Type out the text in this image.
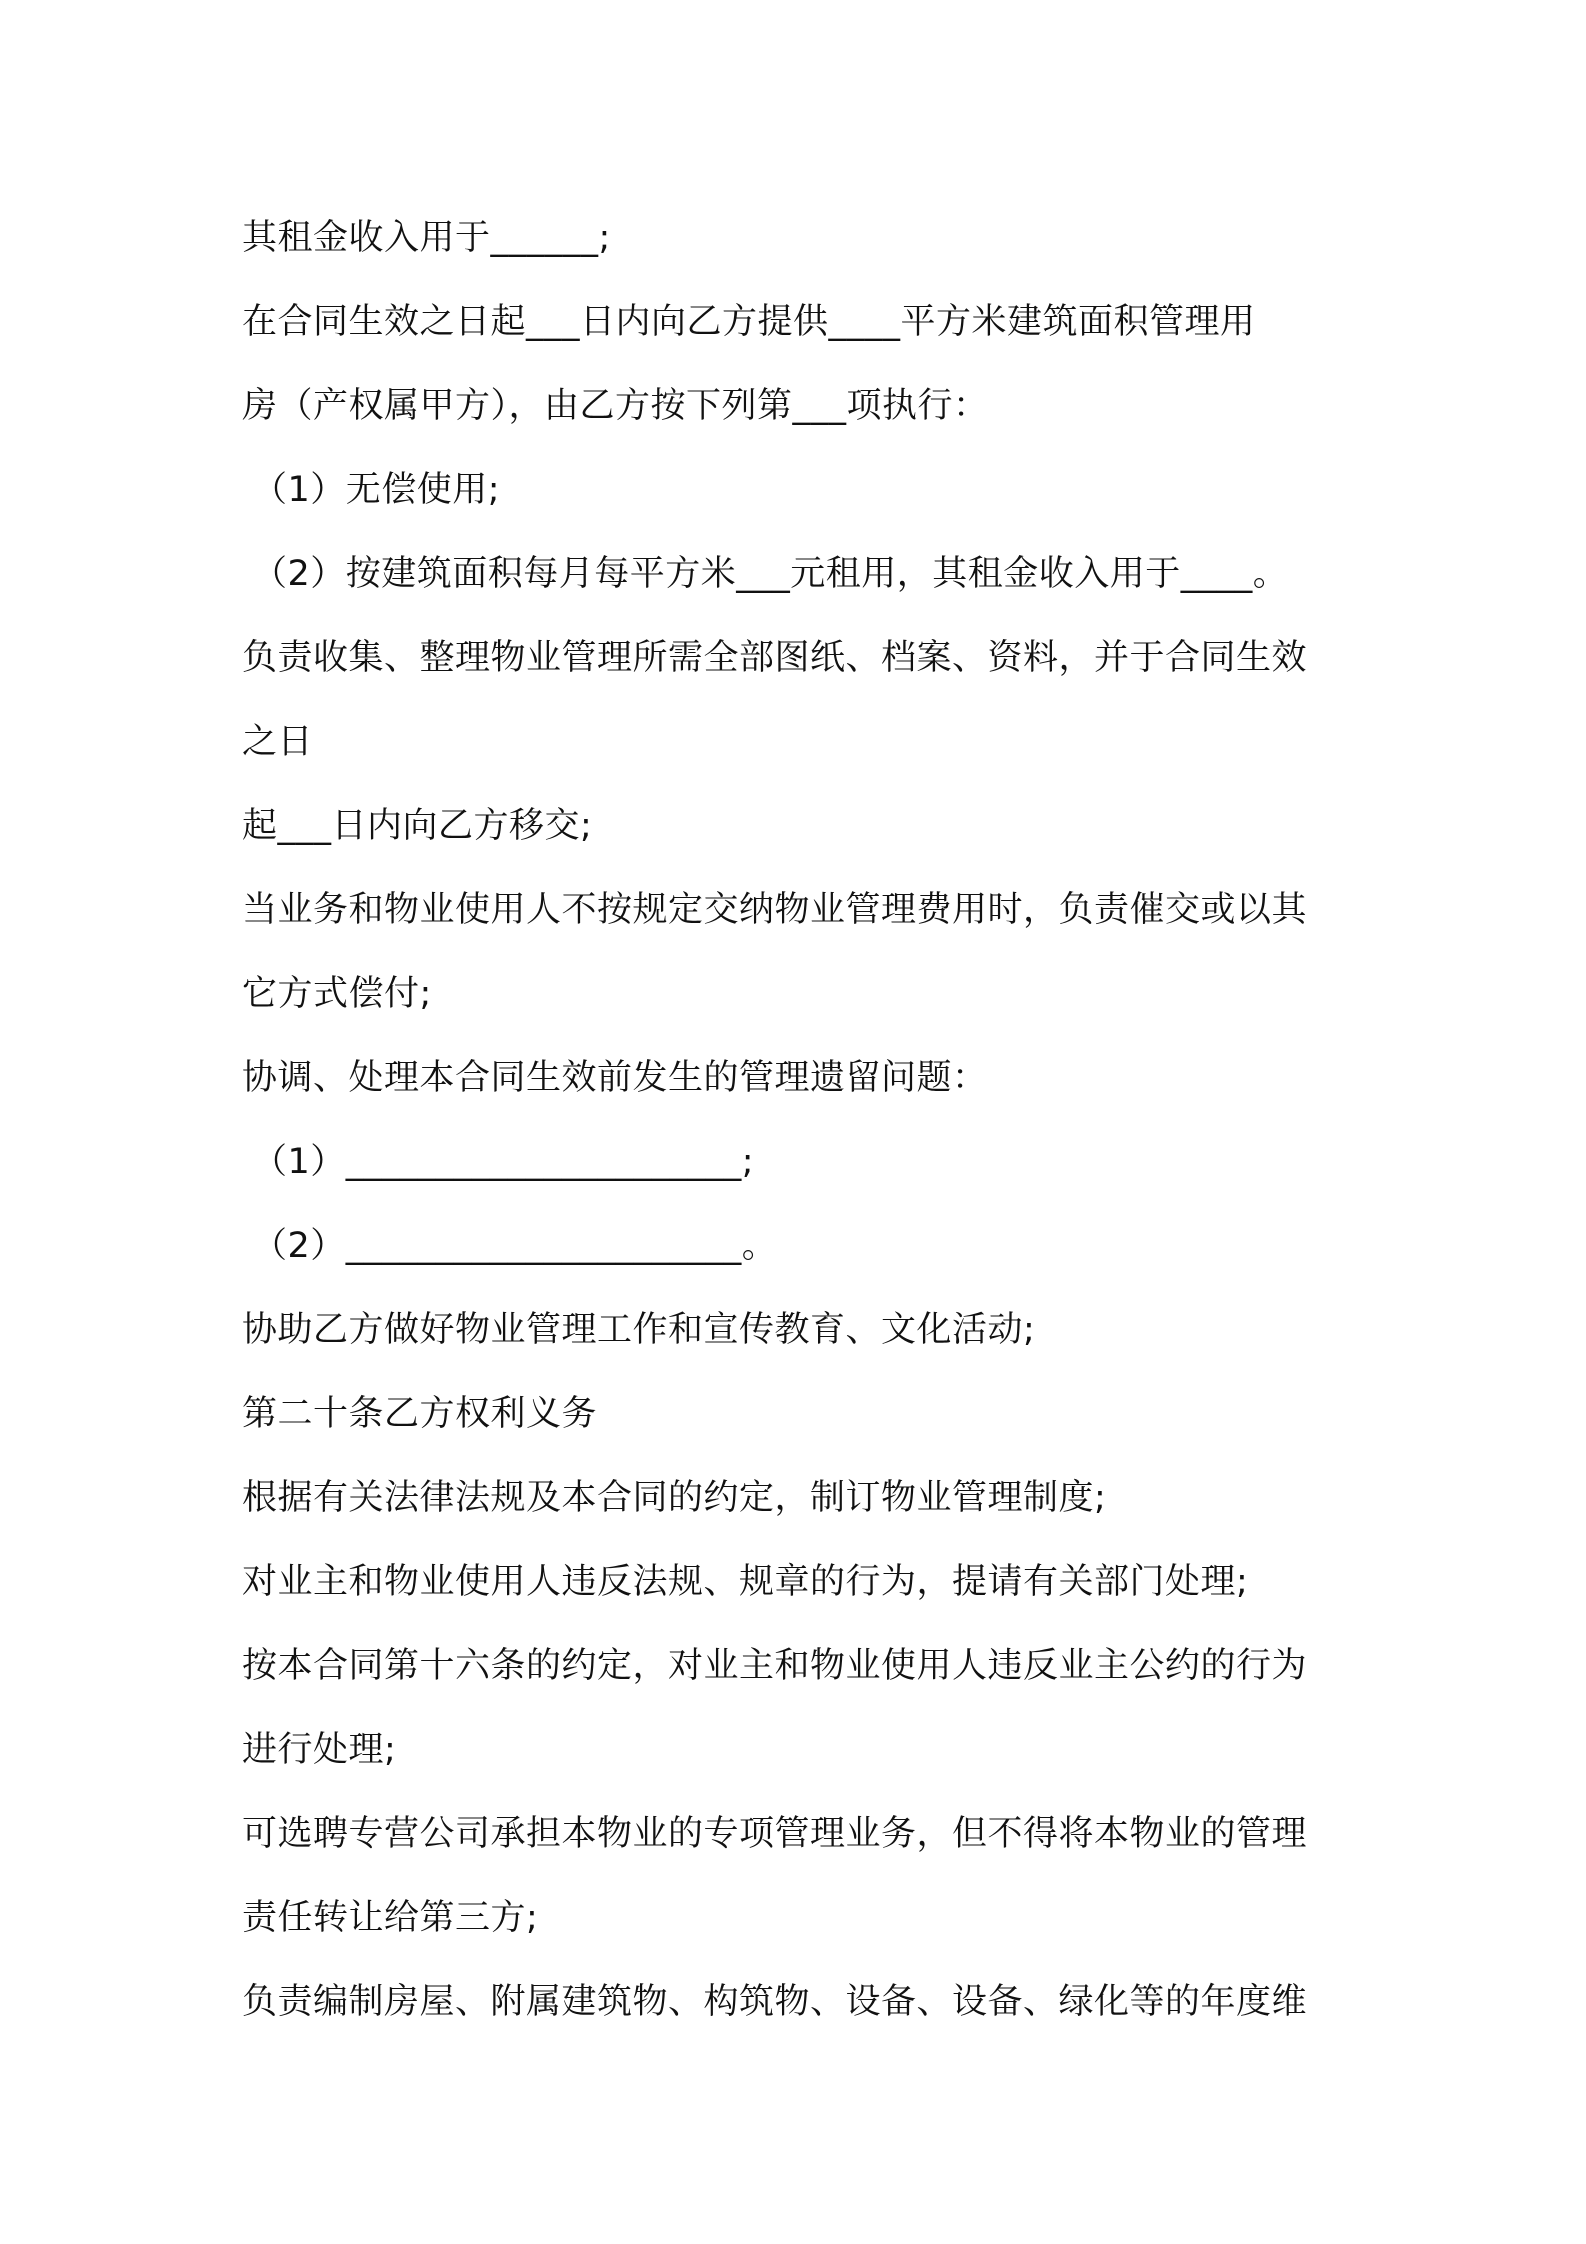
其租金收入用于______;
在合同生效之日起___日内向乙方提供____平方米建筑面积管理用
房（产权属甲方），由乙方按下列第___项执行：
（1）无偿使用;
（2）按建筑面积每月每平方米___元租用，其租金收入用于____。
负责收集、整理物业管理所需全部图纸、档案、资料，并于合同生效
之日
起___日内向乙方移交;
当业务和物业使用人不按规定交纳物业管理费用时，负责催交或以其
它方式偿付;
协调、处理本合同生效前发生的管理遗留问题：
（1）______________________;
（2）______________________。
协助乙方做好物业管理工作和宣传教育、文化活动;
第二十条乙方权利义务
根据有关法律法规及本合同的约定，制订物业管理制度;
对业主和物业使用人违反法规、规章的行为，提请有关部门处理;
按本合同第十六条的约定，对业主和物业使用人违反业主公约的行为
进行处理;
可选聘专营公司承担本物业的专项管理业务，但不得将本物业的管理
责任转让给第三方;
负责编制房屋、附属建筑物、构筑物、设备、设备、绿化等的年度维
